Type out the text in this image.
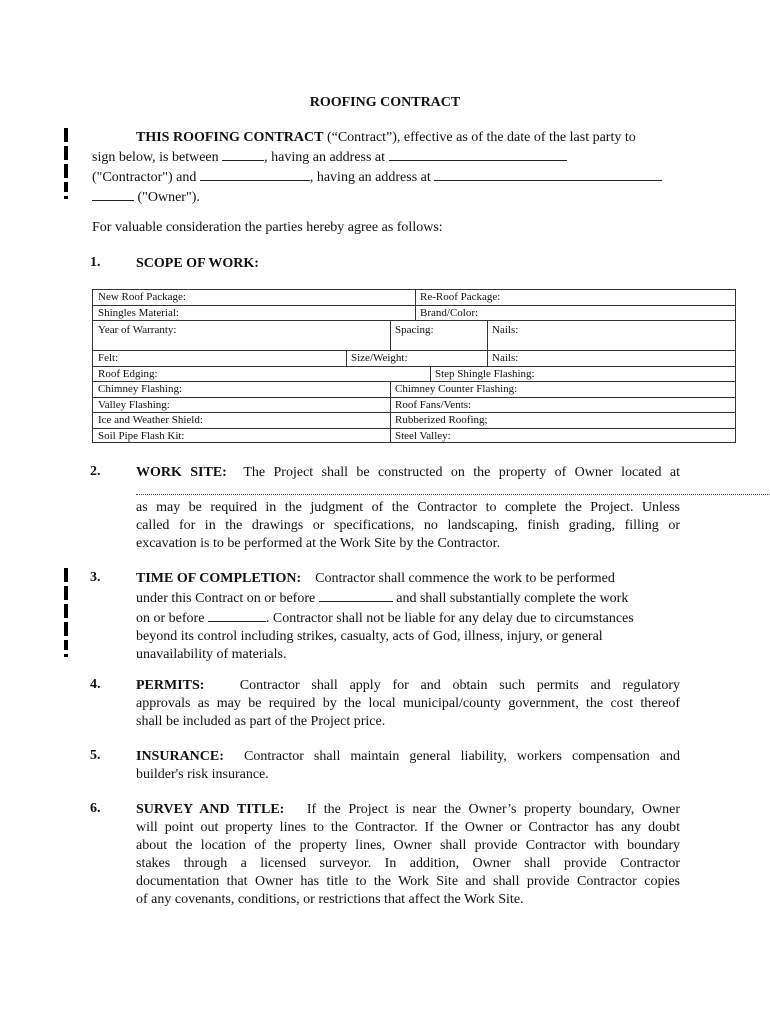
ROOFING CONTRACT
THIS ROOFING CONTRACT (“Contract”), effective as of the date of the last party to
sign below, is between	, having an address at
("Contractor") and	, having an address at
("Owner").
For valuable consideration the parties hereby agree as follows:
1.	SCOPE OF WORK:
New Roof Package:	Re-Roof Package:
Shingles Material:	Brand/Color:
Year of Warranty:	Spacing:	Nails:
Felt:	Size/Weight:	Nails:
Roof Edging:	Step Shingle Flashing:
Chimney Flashing:	Chimney Counter Flashing:
Valley Flashing:	Roof Fans/Vents:
Ice and Weather Shield:	Rubberized Roofing;
Soil Pipe Flash Kit:	Steel Valley:
2.	WORK SITE: The Project shall be constructed on the property of Owner located at
as may be required in the judgment of the Contractor to complete the Project. Unless
called for in the drawings or specifications, no landscaping, finish grading, filling or
excavation is to be performed at the Work Site by the Contractor.
3.	TIME OF COMPLETION: Contractor shall commence the work to be performed
under this Contract on or before	and shall substantially complete the work
on or before	. Contractor shall not be liable for any delay due to circumstances
beyond its control including strikes, casualty, acts of God, illness, injury, or general
unavailability of materials.
4.	PERMITS:	Contractor shall apply for and obtain such permits and regulatory
approvals as may be required by the local municipal/county government, the cost thereof
shall be included as part of the Project price.
5.	INSURANCE: Contractor shall maintain general liability, workers compensation and
builder's risk insurance.
6.	SURVEY AND TITLE: If the Project is near the Owner’s property boundary, Owner
will point out property lines to the Contractor. If the Owner or Contractor has any doubt
about the location of the property lines, Owner shall provide Contractor with boundary
stakes through a licensed surveyor. In addition, Owner shall provide Contractor
documentation that Owner has title to the Work Site and shall provide Contractor copies
of any covenants, conditions, or restrictions that affect the Work Site.
